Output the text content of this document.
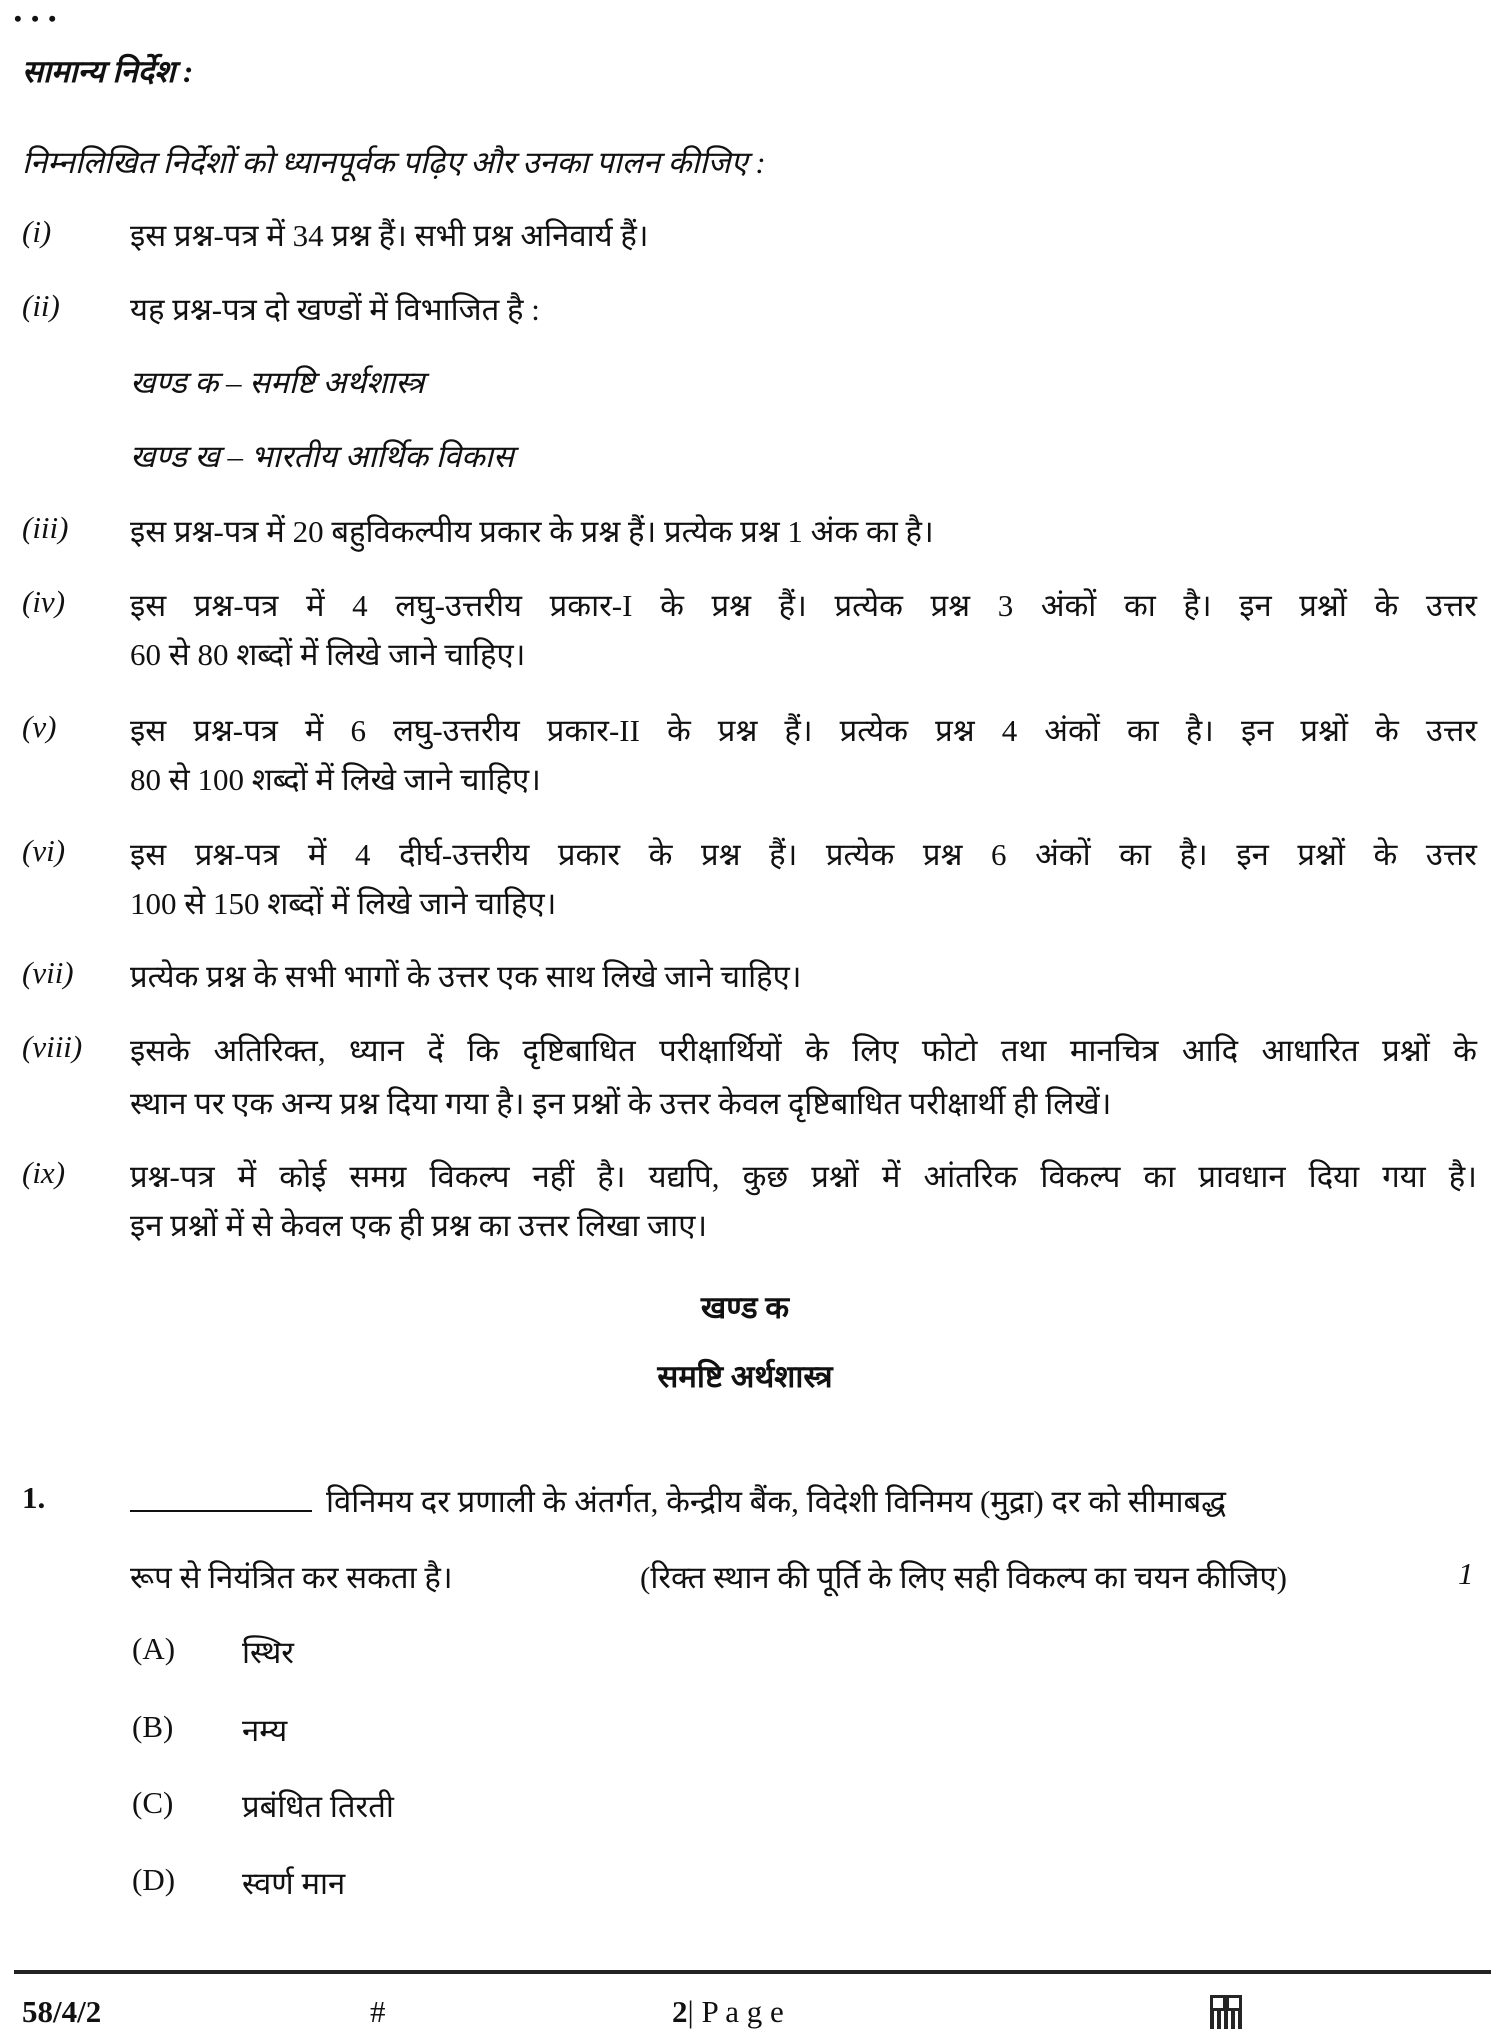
• • •
सामान्य निर्देश :
निम्नलिखित निर्देशों को ध्यानपूर्वक पढ़िए और उनका पालन कीजिए :
(i)	इस प्रश्न-पत्र में 34 प्रश्न हैं। सभी प्रश्न अनिवार्य हैं।
(ii) यह प्रश्न-पत्र दो खण्डों में विभाजित है :
खण्ड क – समष्टि अर्थशास्त्र
खण्ड ख – भारतीय आर्थिक विकास
(iii) इस प्रश्न-पत्र में 20 बहुविकल्पीय प्रकार के प्रश्न हैं। प्रत्येक प्रश्न 1 अंक का है।
(iv) इस प्रश्न-पत्र में 4 लघु-उत्तरीय प्रकार-I के प्रश्न हैं। प्रत्येक प्रश्न 3 अंकों का है। इन प्रश्नों के उत्तर
60 से 80 शब्दों में लिखे जाने चाहिए।
(v) इस प्रश्न-पत्र में 6 लघु-उत्तरीय प्रकार-II के प्रश्न हैं। प्रत्येक प्रश्न 4 अंकों का है। इन प्रश्नों के उत्तर
80 से 100 शब्दों में लिखे जाने चाहिए।
(vi) इस प्रश्न-पत्र में 4 दीर्घ-उत्तरीय प्रकार के प्रश्न हैं। प्रत्येक प्रश्न 6 अंकों का है। इन प्रश्नों के उत्तर
100 से 150 शब्दों में लिखे जाने चाहिए।
(vii) प्रत्येक प्रश्न के सभी भागों के उत्तर एक साथ लिखे जाने चाहिए।
(viii) इसके अतिरिक्त, ध्यान दें कि दृष्टिबाधित परीक्षार्थियों के लिए फोटो तथा मानचित्र आदि आधारित प्रश्नों के
स्थान पर एक अन्य प्रश्न दिया गया है। इन प्रश्नों के उत्तर केवल दृष्टिबाधित परीक्षार्थी ही लिखें।
(ix) प्रश्न-पत्र में कोई समग्र विकल्प नहीं है। यद्यपि, कुछ प्रश्नों में आंतरिक विकल्प का प्रावधान दिया गया है।
इन प्रश्नों में से केवल एक ही प्रश्न का उत्तर लिखा जाए।
खण्ड क
समष्टि अर्थशास्त्र
1.	विनिमय दर प्रणाली के अंतर्गत, केन्द्रीय बैंक, विदेशी विनिमय (मुद्रा) दर को सीमाबद्ध
रूप से नियंत्रित कर सकता है।	(रिक्त स्थान की पूर्ति के लिए सही विकल्प का चयन कीजिए)	1
(A) स्थिर
(B) नम्य
(C) प्रबंधित तिरती
(D) स्वर्ण मान
58/4/2	#	2| P a g e
